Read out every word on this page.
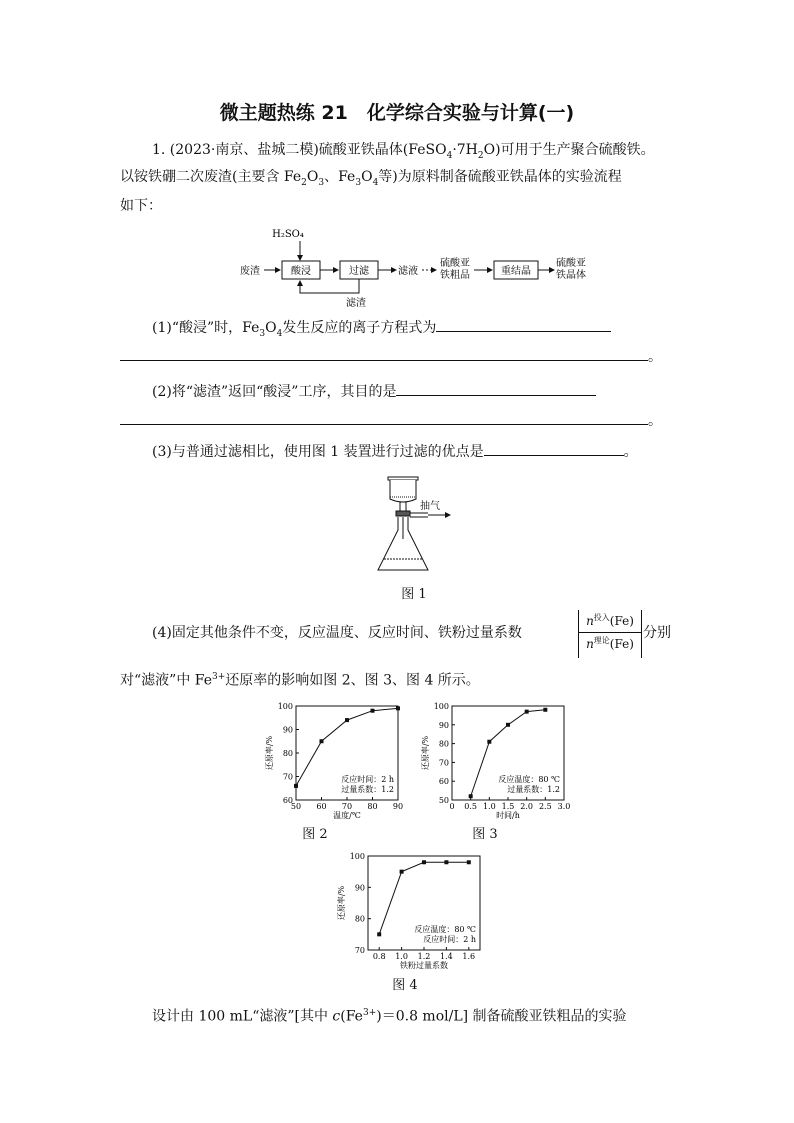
微主题热练 21　化学综合实验与计算(一)
1. (2023·南京、盐城二模)硫酸亚铁晶体$(FeSO_4\cdot 7H_2O)$可用于生产聚合硫酸铁。

以铵铁硼二次废渣(主要含 $Fe_2O_3$、$Fe_3O_4$等)为原料制备硫酸亚铁晶体的实验流程
如下：
H₂SO₄
废渣	酸浸	过滤	滤液
硫酸亚
铁粗品	重结晶
硫酸亚
铁晶体
滤渣
(1)“酸浸”时，$Fe_3O_4$发生反应的离子方程式为
。
(2)将“滤渣”返回“酸浸”工序，其目的是
。
(3)与普通过滤相比，使用图 1 装置进行过滤的优点是	。
抽气
图 1
(4)固定其他条件不变，反应温度、反应时间、铁粉过量系数
$n^{投入}(Fe)$
$n^{理论}(Fe)$
分别
对“滤液”中 $Fe^{3+}$还原率的影响如图 2、图 3、图 4 所示。
50 60 70 80 90
60
70
80
90
100
温度/℃
还原率/%
反应时间：2 h
过量系数：1.2
图 2
0 0.5 1.0 1.5 2.0 2.5 3.0
50
60
70
80
90
100
时间/h
还原率/%
反应温度：80 ℃
过量系数：1.2
图 3
0.8 1.0 1.2 1.4 1.6
70
80
90
100
铁粉过量系数
还原率/%
反应温度：80 ℃
反应时间：2 h
图 4
设计由 100 mL“滤液”[其中 $c(Fe^{3+})=0.8$ mol/L] 制备硫酸亚铁粗品的实验
